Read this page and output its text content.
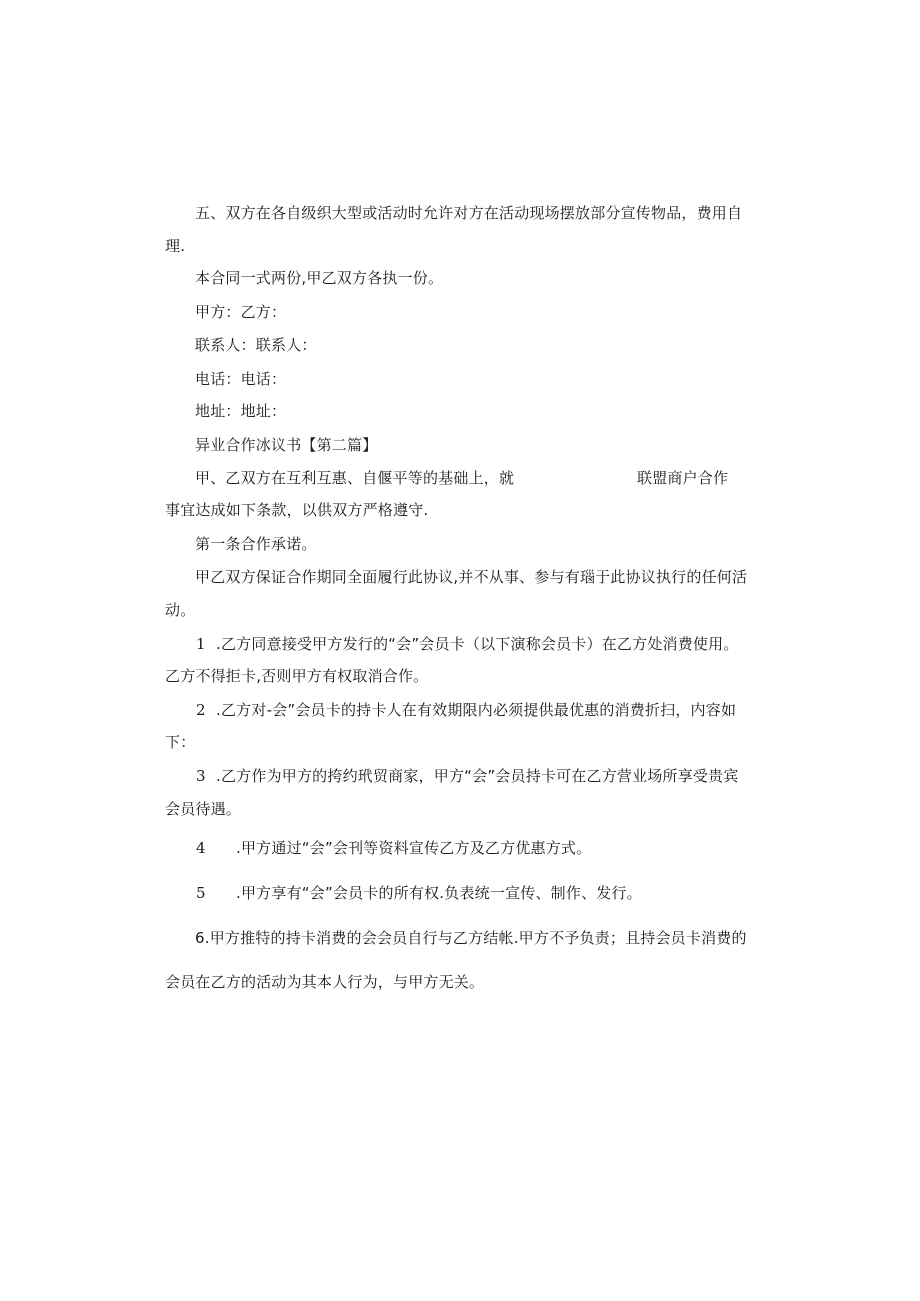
五、双方在各自级织大型或活动时允许对方在活动现场摆放部分宣传物品，费用自
理.
本合同一式两份,甲乙双方各执一份。
甲方：乙方：
联系人：联系人：
电话：电话：
地址：地址：
异业合作冰议书【第二篇】
甲、乙双方在互利互惠、自偃平等的基础上，就	联盟商户合作
事宜达成如下条款，以供双方严格遵守.
第一条合作承诺。
甲乙双方保证合作期同全面履行此协议,并不从事、参与有瑙于此协议执行的任何活
动。
1 .乙方同意接受甲方发行的“会”会员卡（以下演称会员卡）在乙方处消费使用。
乙方不得拒卡,否则甲方有权取消合作。
2 .乙方对-会”会员卡的持卡人在有效期限内必须提供最优惠的消费折扫，内容如
下：
3 .乙方作为甲方的挎约玳贸商家，甲方“会”会员持卡可在乙方营业场所享受贵宾
会员待遇。
4 .甲方通过“会”会刊等资料宣传乙方及乙方优惠方式。
5 .甲方享有“会”会员卡的所有权.负表统一宣传、制作、发行。
6.甲方推特的持卡消费的会会员自行与乙方结帐.甲方不予负责；且持会员卡消费的
会员在乙方的活动为其本人行为，与甲方无关。
